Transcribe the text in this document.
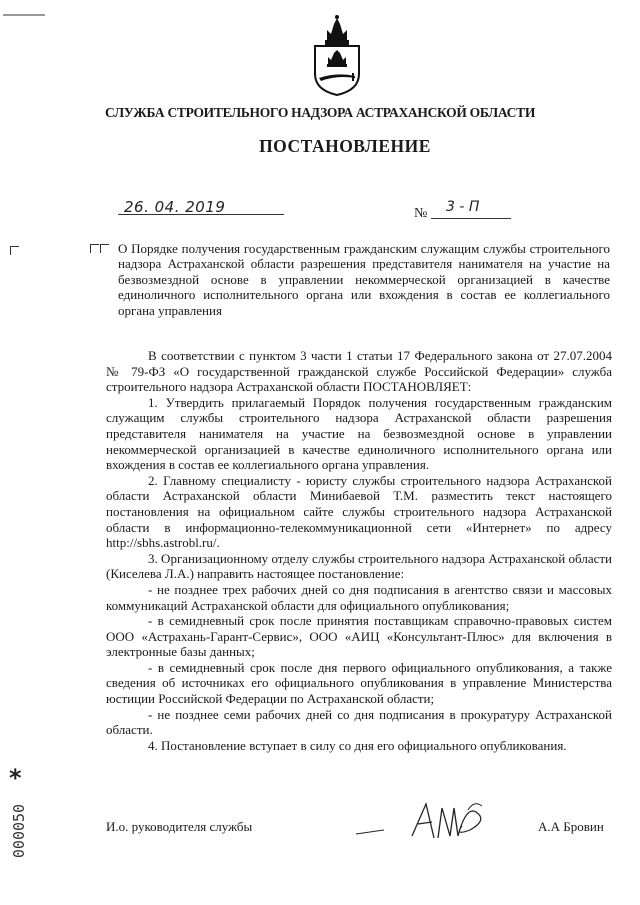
СЛУЖБА СТРОИТЕЛЬНОГО НАДЗОРА АСТРАХАНСКОЙ ОБЛАСТИ
ПОСТАНОВЛЕНИЕ
26. 04. 2019	№ 3 - П
О Порядке получения государственным гражданским служащим службы строительного надзора Астраханской области разрешения представителя нанимателя на участие на безвозмездной основе в управлении некоммерческой организацией в качестве единоличного исполнительного органа или вхождения в состав ее коллегиального органа управления

В соответствии с пунктом 3 части 1 статьи 17 Федерального закона от 27.07.2004 № 79-ФЗ «О государственной гражданской службе Российской Федерации» служба строительного надзора Астраханской области ПОСТАНОВЛЯЕТ:

1. Утвердить прилагаемый Порядок получения государственным гражданским служащим службы строительного надзора Астраханской области разрешения представителя нанимателя на участие на безвозмездной основе в управлении некоммерческой организацией в качестве единоличного исполнительного органа или вхождения в состав ее коллегиального органа управления.

2. Главному специалисту - юристу службы строительного надзора Астраханской области Астраханской области Минибаевой Т.М. разместить текст настоящего постановления на официальном сайте службы строительного надзора Астраханской области в информационно-телекоммуникационной сети «Интернет» по адресу http://sbhs.astrobl.ru/.

3. Организационному отделу службы строительного надзора Астраханской области (Киселева Л.А.) направить настоящее постановление:

- не позднее трех рабочих дней со дня подписания в агентство связи и массовых коммуникаций Астраханской области для официального опубликования;

- в семидневный срок после принятия поставщикам справочно-правовых систем ООО «Астрахань-Гарант-Сервис», ООО «АИЦ «Консультант-Плюс» для включения в электронные базы данных;

- в семидневный срок после дня первого официального опубликования, а также сведения об источниках его официального опубликования в управление Министерства юстиции Российской Федерации по Астраханской области;

- не позднее семи рабочих дней со дня подписания в прокуратуру Астраханской области.

4. Постановление вступает в силу со дня его официального опубликования.

И.о. руководителя службы	А.А Бровин
*
000050
